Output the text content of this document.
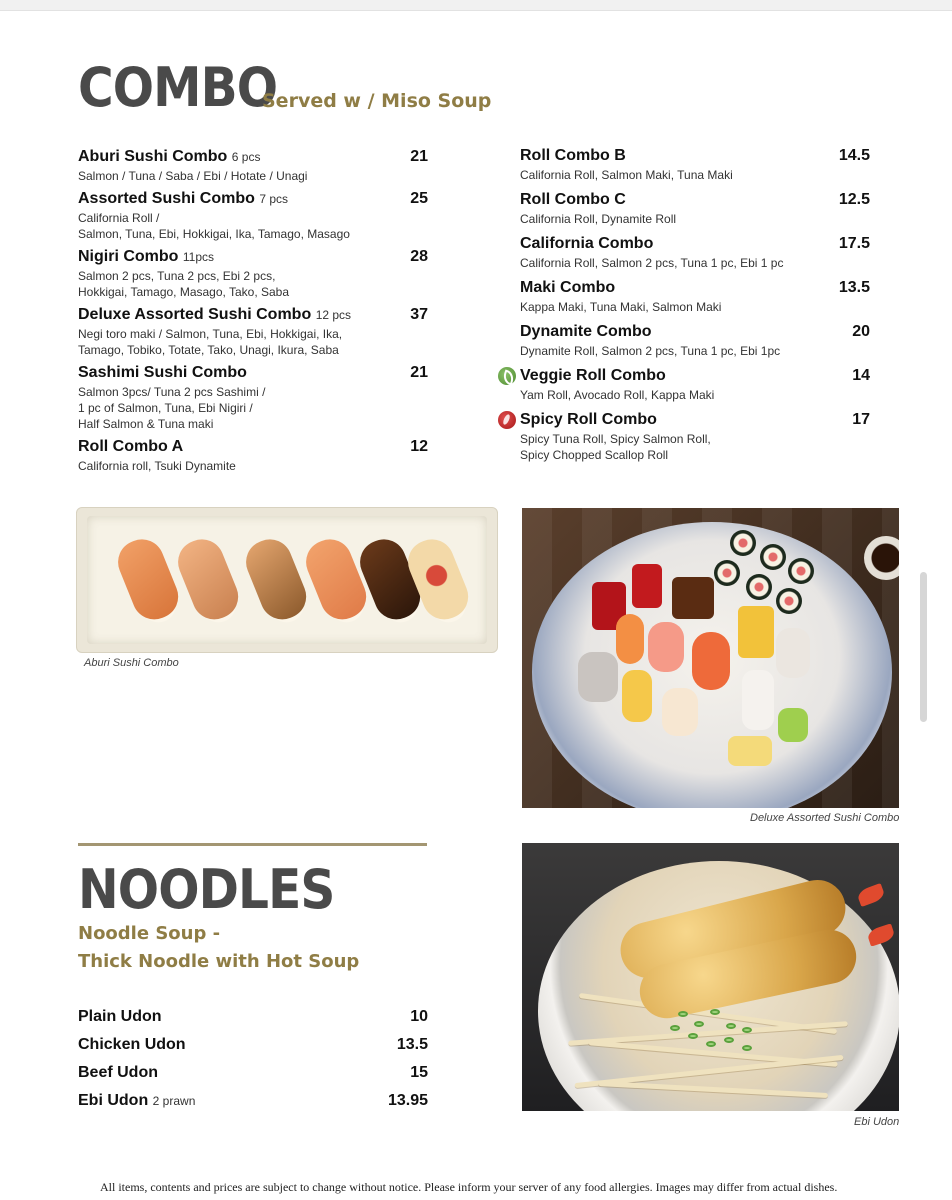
COMBO
Served w / Miso Soup
Aburi Sushi Combo 6 pcs	21
Salmon / Tuna / Saba / Ebi / Hotate / Unagi
Assorted Sushi Combo 7 pcs	25
California Roll /
Salmon, Tuna, Ebi, Hokkigai, Ika, Tamago, Masago
Nigiri Combo 11pcs	28
Salmon 2 pcs, Tuna 2 pcs, Ebi 2 pcs,
Hokkigai, Tamago, Masago, Tako, Saba
Deluxe Assorted Sushi Combo 12 pcs	37
Negi toro maki / Salmon, Tuna, Ebi, Hokkigai, Ika,
Tamago, Tobiko, Totate, Tako, Unagi, Ikura, Saba
Sashimi Sushi Combo	21
Salmon 3pcs/ Tuna 2 pcs Sashimi /
1 pc of Salmon, Tuna, Ebi Nigiri /
Half Salmon & Tuna maki
Roll Combo A	12
California roll, Tsuki Dynamite
Roll Combo B	14.5
California Roll, Salmon Maki, Tuna Maki
Roll Combo C	12.5
California Roll, Dynamite Roll
California Combo	17.5
California Roll, Salmon 2 pcs, Tuna 1 pc, Ebi 1 pc
Maki Combo	13.5
Kappa Maki, Tuna Maki, Salmon Maki
Dynamite Combo	20
Dynamite Roll, Salmon 2 pcs, Tuna 1 pc, Ebi 1pc
Veggie Roll Combo	14
Yam Roll, Avocado Roll, Kappa Maki
Spicy Roll Combo	17
Spicy Tuna Roll, Spicy Salmon Roll,
Spicy Chopped Scallop Roll
Aburi Sushi Combo
Deluxe Assorted Sushi Combo
NOODLES
Noodle Soup -
Thick Noodle with Hot Soup
Plain Udon	10
Chicken Udon	13.5
Beef Udon	15
Ebi Udon 2 prawn	13.95
Ebi Udon
All items, contents and prices are subject to change without notice. Please inform your server of any food allergies. Images may differ from actual dishes.
